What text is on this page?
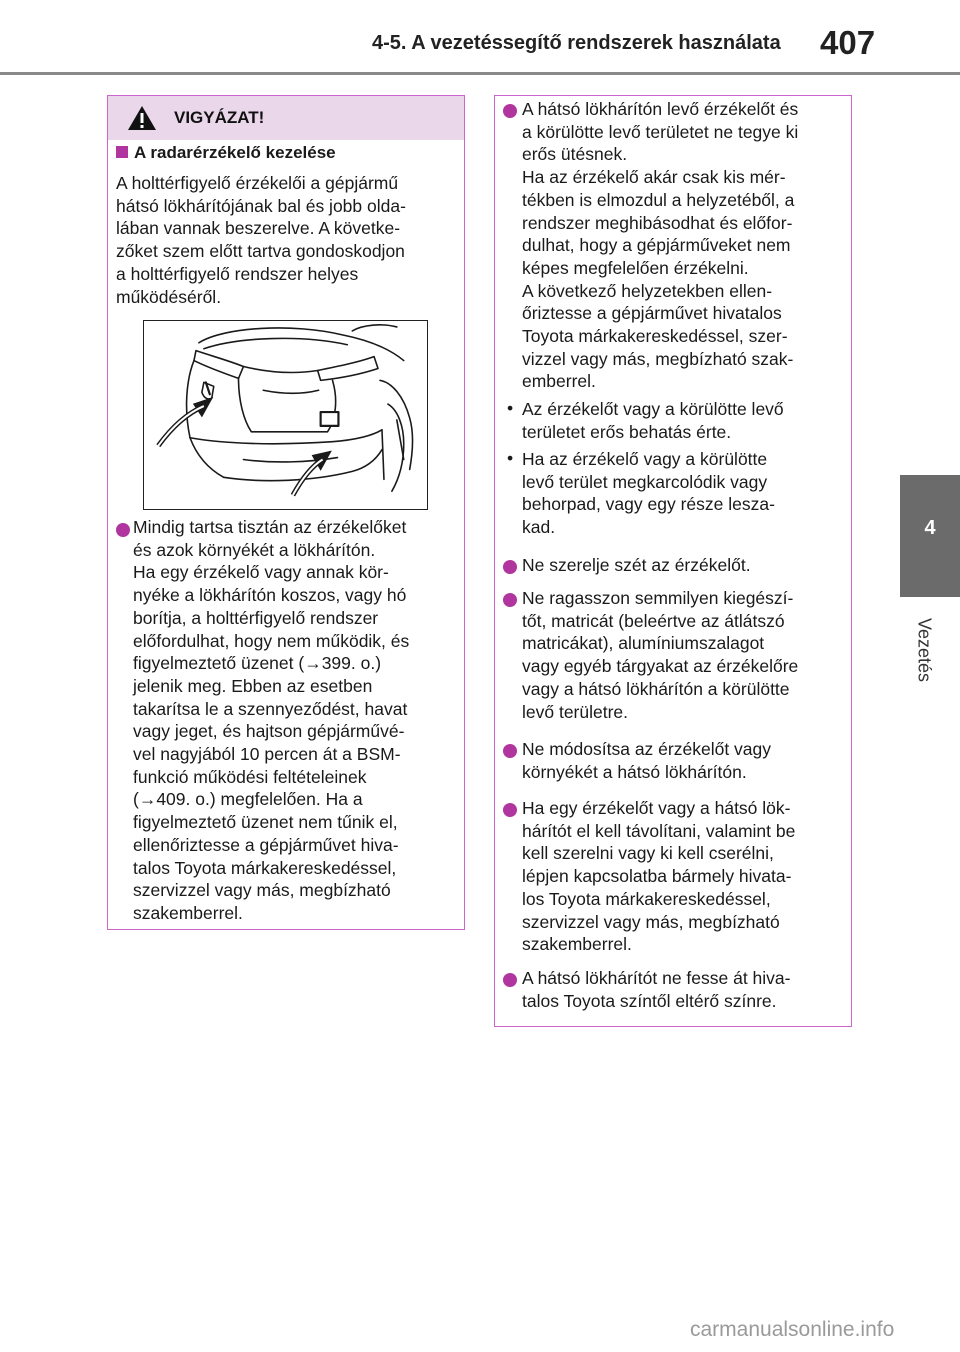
4-5. A vezetéssegítő rendszerek használata	407
4
Vezetés
VIGYÁZAT!
A radarérzékelő kezelése
A holttérfigyelő érzékelői a gépjármű
hátsó lökhárítójának bal és jobb olda-
lában vannak beszerelve. A követke-
zőket szem előtt tartva gondoskodjon
a holttérfigyelő rendszer helyes
működéséről.
Mindig tartsa tisztán az érzékelőket
és azok környékét a lökhárítón.
Ha egy érzékelő vagy annak kör-
nyéke a lökhárítón koszos, vagy hó
borítja, a holttérfigyelő rendszer
előfordulhat, hogy nem működik, és
figyelmeztető üzenet (→399. o.)
jelenik meg. Ebben az esetben
takarítsa le a szennyeződést, havat
vagy jeget, és hajtson gépjárművé-
vel nagyjából 10 percen át a BSM-
funkció működési feltételeinek
(→409. o.) megfelelően. Ha a
figyelmeztető üzenet nem tűnik el,
ellenőriztesse a gépjárművet hiva-
talos Toyota márkakereskedéssel,
szervizzel vagy más, megbízható
szakemberrel.
A hátsó lökhárítón levő érzékelőt és
a körülötte levő területet ne tegye ki
erős ütésnek.
Ha az érzékelő akár csak kis mér-
tékben is elmozdul a helyzetéből, a
rendszer meghibásodhat és előfor-
dulhat, hogy a gépjárműveket nem
képes megfelelően érzékelni.
A következő helyzetekben ellen-
őriztesse a gépjárművet hivatalos
Toyota márkakereskedéssel, szer-
vizzel vagy más, megbízható szak-
emberrel.
• Az érzékelőt vagy a körülötte levő
területet erős behatás érte.
• Ha az érzékelő vagy a körülötte
levő terület megkarcolódik vagy
behorpad, vagy egy része lesza-
kad.
Ne szerelje szét az érzékelőt.
Ne ragasszon semmilyen kiegészí-
tőt, matricát (beleértve az átlátszó
matricákat), alumíniumszalagot
vagy egyéb tárgyakat az érzékelőre
vagy a hátsó lökhárítón a körülötte
levő területre.
Ne módosítsa az érzékelőt vagy
környékét a hátsó lökhárítón.
Ha egy érzékelőt vagy a hátsó lök-
hárítót el kell távolítani, valamint be
kell szerelni vagy ki kell cserélni,
lépjen kapcsolatba bármely hivata-
los Toyota márkakereskedéssel,
szervizzel vagy más, megbízható
szakemberrel.
A hátsó lökhárítót ne fesse át hiva-
talos Toyota színtől eltérő színre.
carmanualsonline.info
